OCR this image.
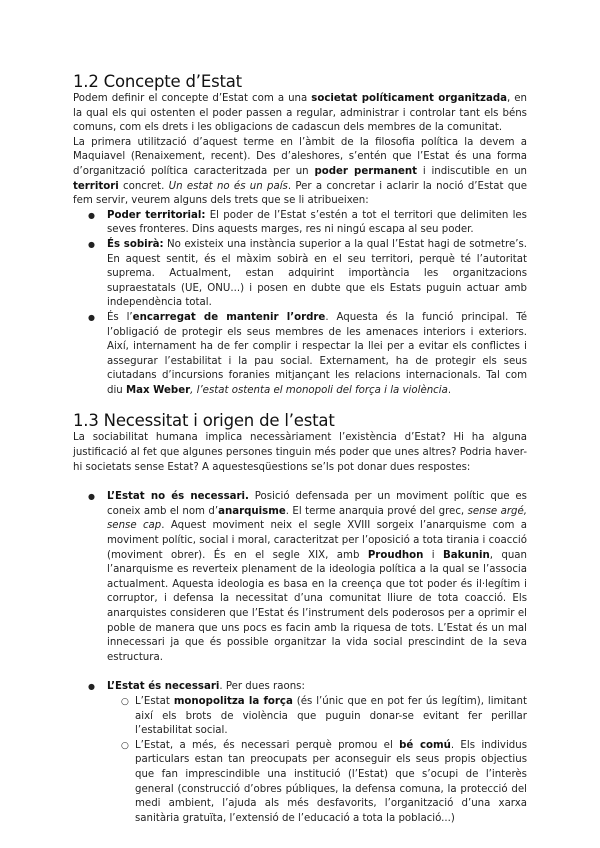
1.2 Concepte d’Estat

Podem definir el concepte d’Estat com a una societat políticament organitzada, en la qual els qui ostenten el poder passen a regular, administrar i controlar tant els béns comuns, com els drets i les obligacions de cadascun dels membres de la comunitat.

La primera utilització d’aquest terme en l’àmbit de la filosofia política la devem a Maquiavel (Renaixement, recent). Des d’aleshores, s’entén que l’Estat és una forma d’organització política caracteritzada per un poder permanent i indiscutible en un territori concret. Un estat no és un país. Per a concretar i aclarir la noció d’Estat que fem servir, veurem alguns dels trets que se li atribueixen:

● Poder territorial: El poder de l’Estat s’estén a tot el territori que delimiten les seves fronteres. Dins aquests marges, res ni ningú escapa al seu poder.
● És sobirà: No existeix una instància superior a la qual l’Estat hagi de sotmetre’s. En aquest sentit, és el màxim sobirà en el seu territori, perquè té l’autoritat suprema. Actualment, estan adquirint importància les organitzacions supraestatals (UE, ONU...) i posen en dubte que els Estats puguin actuar amb independència total.
● És l’encarregat de mantenir l’ordre. Aquesta és la funció principal. Té l’obligació de protegir els seus membres de les amenaces interiors i exteriors. Així, internament ha de fer complir i respectar la llei per a evitar els conflictes i assegurar l’estabilitat i la pau social. Externament, ha de protegir els seus ciutadans d’incursions foranies mitjançant les relacions internacionals. Tal com diu Max Weber, l’estat ostenta el monopoli del força i la violència.
1.3 Necessitat i origen de l’estat

La sociabilitat humana implica necessàriament l’existència d’Estat? Hi ha alguna justificació al fet que algunes persones tinguin més poder que unes altres? Podria haver-hi societats sense Estat? A aquestesqüestions se’ls pot donar dues respostes:

● L’Estat no és necessari. Posició defensada per un moviment polític que es coneix amb el nom d’anarquisme. El terme anarquia prové del grec, sense argé, sense cap. Aquest moviment neix el segle XVIII sorgeix l’anarquisme com a moviment polític, social i moral, caracteritzat per l’oposició a tota tirania i coacció (moviment obrer). És en el segle XIX, amb Proudhon i Bakunin, quan l’anarquisme es reverteix plenament de la ideologia política a la qual se l’associa actualment. Aquesta ideologia es basa en la creença que tot poder és il·legítim i corruptor, i defensa la necessitat d’una comunitat lliure de tota coacció. Els anarquistes consideren que l’Estat és l’instrument dels poderosos per a oprimir el poble de manera que uns pocs es facin amb la riquesa de tots. L’Estat és un mal innecessari ja que és possible organitzar la vida social prescindint de la seva estructura.
● L’Estat és necessari. Per dues raons:
○ L’Estat monopolitza la força (és l’únic que en pot fer ús legítim), limitant així els brots de violència que puguin donar-se evitant fer perillar l’estabilitat social.
○ L’Estat, a més, és necessari perquè promou el bé comú. Els individus particulars estan tan preocupats per aconseguir els seus propis objectius que fan imprescindible una institució (l’Estat) que s’ocupi de l’interès general (construcció d’obres públiques, la defensa comuna, la protecció del medi ambient, l’ajuda als més desfavorits, l’organització d’una xarxa sanitària gratuïta, l’extensió de l’educació a tota la població...)
